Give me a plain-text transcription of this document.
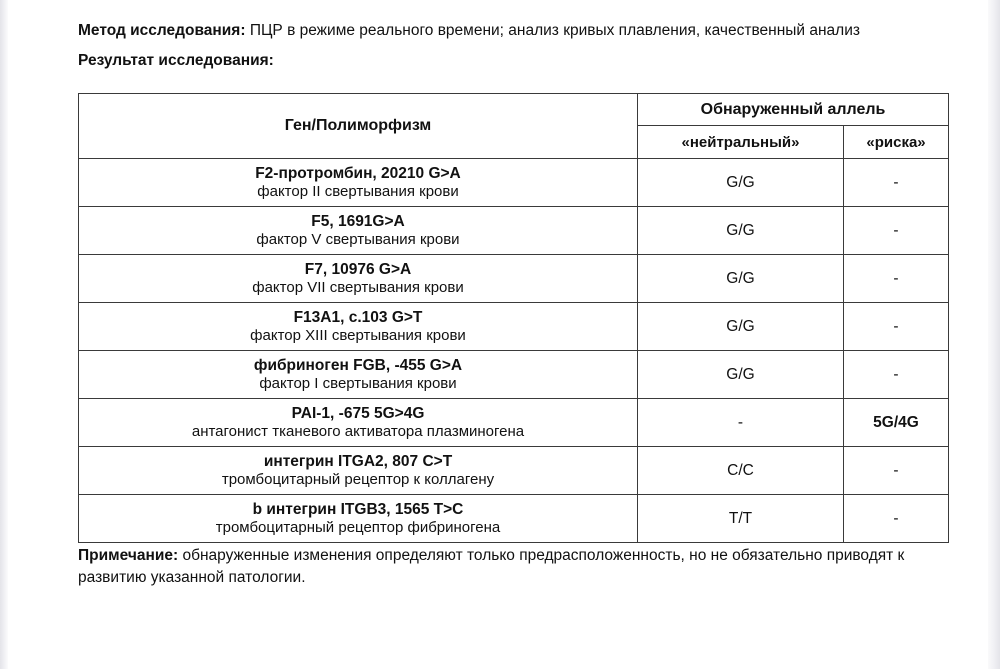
Метод исследования: ПЦР в режиме реального времени; анализ кривых плавления, качественный анализ
Результат исследования:
Ген/Полиморфизм	Обнаруженный аллель	
	«нейтральный»	«риска»

F2-протромбин, 20210 G>A
фактор II свертывания крови	G/G	-

F5, 1691G>A
фактор V свертывания крови	G/G	-

F7, 10976 G>A
фактор VII свертывания крови	G/G	-

F13A1, с.103 G>T
фактор XIII свертывания крови	G/G	-

фибриноген FGB, -455 G>A
фактор I свертывания крови	G/G	-

PAI-1, -675 5G>4G
антагонист тканевого активатора плазминогена	-	5G/4G

интегрин ITGA2, 807 C>T
тромбоцитарный рецептор к коллагену	C/C	-

b интегрин ITGB3, 1565 T>C
тромбоцитарный рецептор фибриногена	T/T	-
Примечание: обнаруженные изменения определяют только предрасположенность, но не обязательно приводят к развитию указанной патологии.
